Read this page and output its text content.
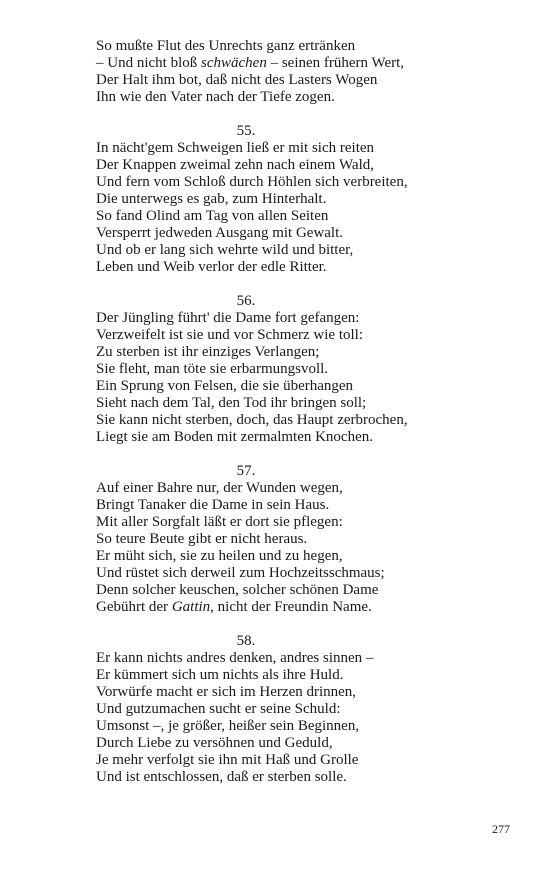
So mußte Flut des Unrechts ganz ertränken
– Und nicht bloß schwächen – seinen frühern Wert,
Der Halt ihm bot, daß nicht des Lasters Wogen
Ihn wie den Vater nach der Tiefe zogen.
55.
In nächt'gem Schweigen ließ er mit sich reiten
Der Knappen zweimal zehn nach einem Wald,
Und fern vom Schloß durch Höhlen sich verbreiten,
Die unterwegs es gab, zum Hinterhalt.
So fand Olind am Tag von allen Seiten
Versperrt jedweden Ausgang mit Gewalt.
Und ob er lang sich wehrte wild und bitter,
Leben und Weib verlor der edle Ritter.
56.
Der Jüngling führt' die Dame fort gefangen:
Verzweifelt ist sie und vor Schmerz wie toll:
Zu sterben ist ihr einziges Verlangen;
Sie fleht, man töte sie erbarmungsvoll.
Ein Sprung von Felsen, die sie überhangen
Sieht nach dem Tal, den Tod ihr bringen soll;
Sie kann nicht sterben, doch, das Haupt zerbrochen,
Liegt sie am Boden mit zermalmten Knochen.
57.
Auf einer Bahre nur, der Wunden wegen,
Bringt Tanaker die Dame in sein Haus.
Mit aller Sorgfalt läßt er dort sie pflegen:
So teure Beute gibt er nicht heraus.
Er müht sich, sie zu heilen und zu hegen,
Und rüstet sich derweil zum Hochzeitsschmaus;
Denn solcher keuschen, solcher schönen Dame
Gebührt der Gattin, nicht der Freundin Name.
58.
Er kann nichts andres denken, andres sinnen –
Er kümmert sich um nichts als ihre Huld.
Vorwürfe macht er sich im Herzen drinnen,
Und gutzumachen sucht er seine Schuld:
Umsonst –, je größer, heißer sein Beginnen,
Durch Liebe zu versöhnen und Geduld,
Je mehr verfolgt sie ihn mit Haß und Grolle
Und ist entschlossen, daß er sterben solle.
277
